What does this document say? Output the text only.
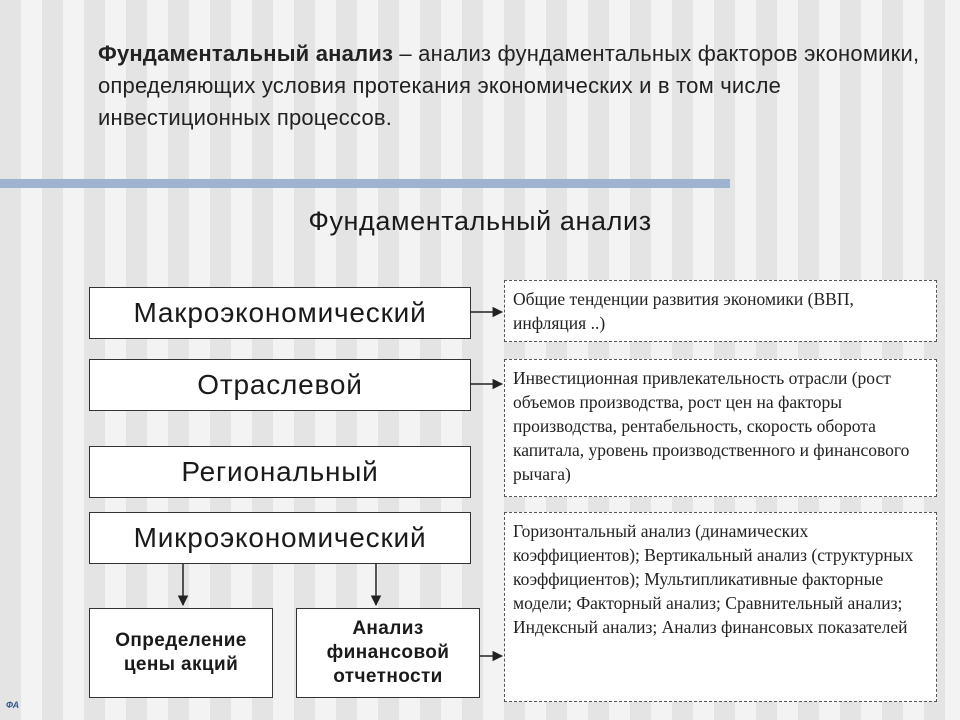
Фундаментальный анализ – анализ фундаментальных факторов экономики, определяющих условия протекания экономических и в том числе инвестиционных процессов.
Фундаментальный анализ
Макроэкономический
Отраслевой
Региональный
Микроэкономический
Определение цены акций
Анализ финансовой отчетности
Общие тенденции развития экономики (ВВП, инфляция ..)
Инвестиционная привлекательность отрасли (рост объемов производства, рост цен на факторы производства, рентабельность, скорость оборота капитала, уровень производственного и финансового рычага)
Горизонтальный анализ (динамических коэффициентов); Вертикальный анализ (структурных коэффициентов); Мультипликативные факторные модели; Факторный анализ; Сравнительный анализ; Индексный анализ; Анализ финансовых показателей
ФА
